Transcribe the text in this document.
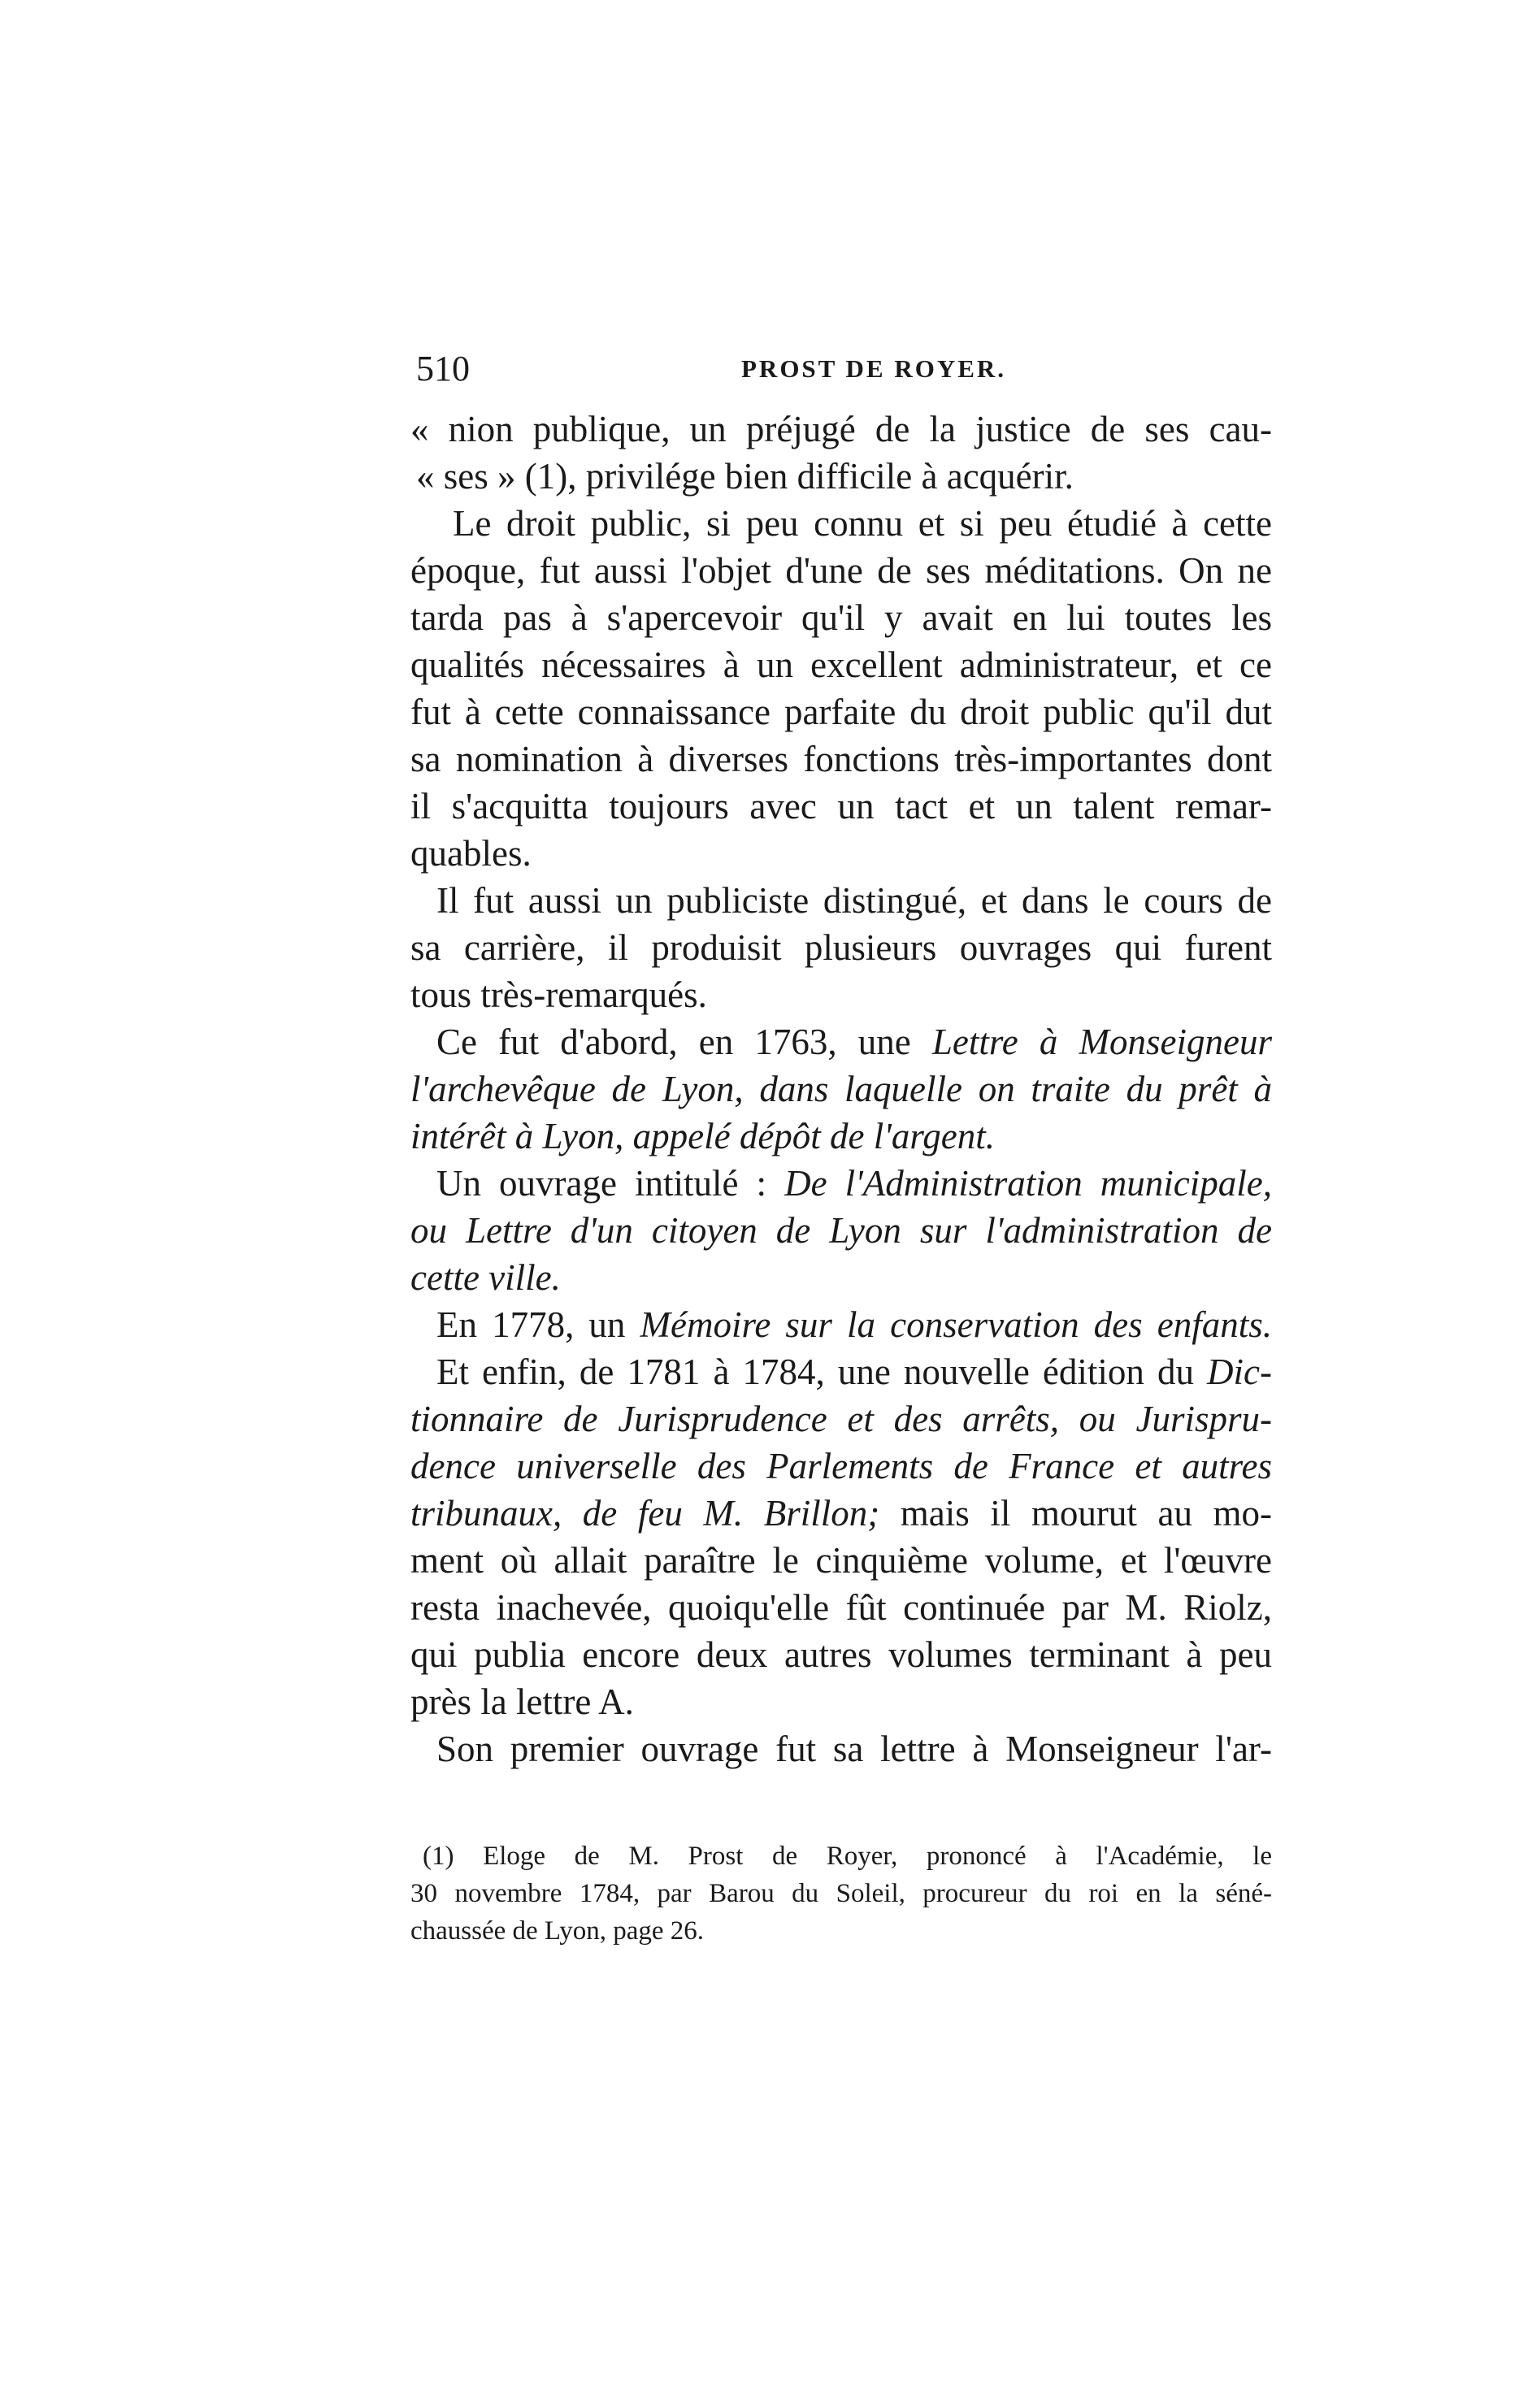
510	PROST DE ROYER.
« nion publique, un préjugé de la justice de ses cau-
« ses » (1), privilége bien difficile à acquérir.
Le droit public, si peu connu et si peu étudié à cette
époque, fut aussi l'objet d'une de ses méditations. On ne
tarda pas à s'apercevoir qu'il y avait en lui toutes les
qualités nécessaires à un excellent administrateur, et ce
fut à cette connaissance parfaite du droit public qu'il dut
sa nomination à diverses fonctions très-importantes dont
il s'acquitta toujours avec un tact et un talent remar-
quables.
Il fut aussi un publiciste distingué, et dans le cours de
sa carrière, il produisit plusieurs ouvrages qui furent
tous très-remarqués.
Ce fut d'abord, en 1763, une Lettre à Monseigneur
l'archevêque de Lyon, dans laquelle on traite du prêt à
intérêt à Lyon, appelé dépôt de l'argent.
Un ouvrage intitulé : De l'Administration municipale,
ou Lettre d'un citoyen de Lyon sur l'administration de
cette ville.
En 1778, un Mémoire sur la conservation des enfants.
Et enfin, de 1781 à 1784, une nouvelle édition du Dic-
tionnaire de Jurisprudence et des arrêts, ou Jurispru-
dence universelle des Parlements de France et autres
tribunaux, de feu M. Brillon; mais il mourut au mo-
ment où allait paraître le cinquième volume, et l'œuvre
resta inachevée, quoiqu'elle fût continuée par M. Riolz,
qui publia encore deux autres volumes terminant à peu
près la lettre A.
Son premier ouvrage fut sa lettre à Monseigneur l'ar-
(1) Eloge de M. Prost de Royer, prononcé à l'Académie, le
30 novembre 1784, par Barou du Soleil, procureur du roi en la séné-
chaussée de Lyon, page 26.
